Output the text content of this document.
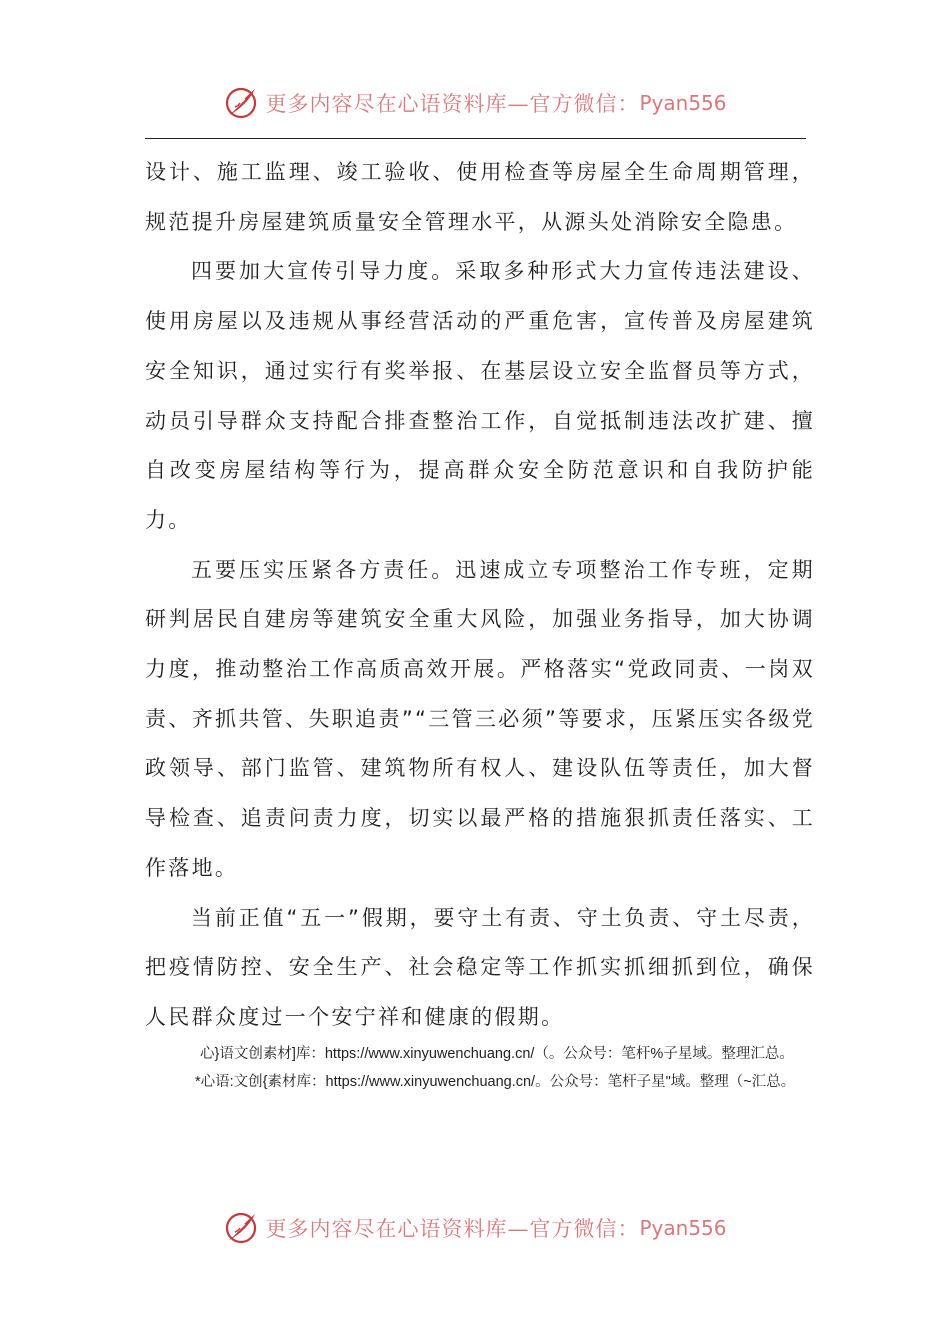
更多内容尽在心语资料库—官方微信： Pyan556

设计、施工监理、竣工验收、使用检查等房屋全生命周期管理，规范提升房屋建筑质量安全管理水平，从源头处消除安全隐患。

四要加大宣传引导力度。采取多种形式大力宣传违法建设、使用房屋以及违规从事经营活动的严重危害，宣传普及房屋建筑安全知识，通过实行有奖举报、在基层设立安全监督员等方式，动员引导群众支持配合排查整治工作，自觉抵制违法改扩建、擅自改变房屋结构等行为，提高群众安全防范意识和自我防护能力。

五要压实压紧各方责任。迅速成立专项整治工作专班，定期研判居民自建房等建筑安全重大风险，加强业务指导，加大协调力度，推动整治工作高质高效开展。严格落实“党政同责、一岗双责、齐抓共管、失职追责”“三管三必须”等要求，压紧压实各级党政领导、部门监管、建筑物所有权人、建设队伍等责任，加大督导检查、追责问责力度，切实以最严格的措施狠抓责任落实、工作落地。

当前正值“五一”假期，要守土有责、守土负责、守土尽责，把疫情防控、安全生产、社会稳定等工作抓实抓细抓到位，确保人民群众度过一个安宁祥和健康的假期。

心}语文创素材]库：https://www.xinyuwenchuang.cn/（。公众号：笔杆%子星域。整理汇总。

*心语:文创{素材库：https://www.xinyuwenchuang.cn/。公众号：笔杆子星"域。整理（~汇总。

更多内容尽在心语资料库—官方微信： Pyan556
